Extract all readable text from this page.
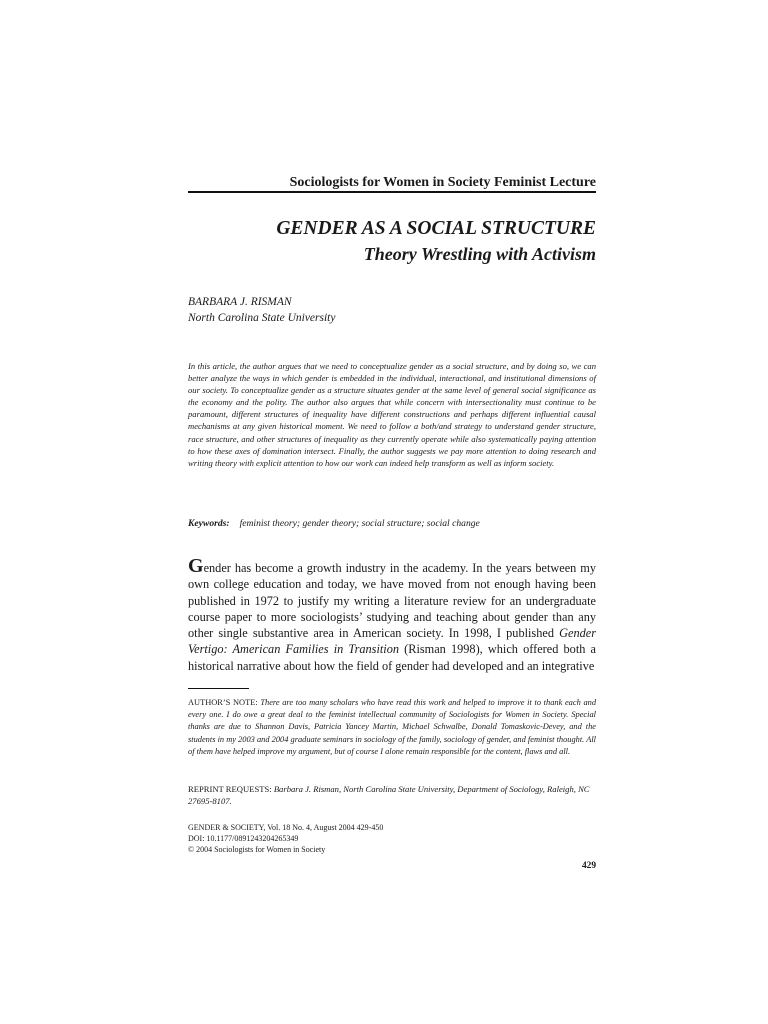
Sociologists for Women in Society Feminist Lecture
GENDER AS A SOCIAL STRUCTURE
Theory Wrestling with Activism
BARBARA J. RISMAN
North Carolina State University
In this article, the author argues that we need to conceptualize gender as a social structure, and by doing so, we can better analyze the ways in which gender is embedded in the individual, interactional, and institutional dimensions of our society. To conceptualize gender as a structure situates gender at the same level of general social significance as the economy and the polity. The author also argues that while concern with intersectionality must continue to be paramount, different structures of inequality have different constructions and perhaps different influential causal mechanisms at any given historical moment. We need to follow a both/and strategy to understand gender structure, race structure, and other structures of inequality as they currently operate while also systematically paying attention to how these axes of domination intersect. Finally, the author suggests we pay more attention to doing research and writing theory with explicit attention to how our work can indeed help transform as well as inform society.
Keywords: feminist theory; gender theory; social structure; social change
Gender has become a growth industry in the academy. In the years between my own college education and today, we have moved from not enough having been published in 1972 to justify my writing a literature review for an undergraduate course paper to more sociologists’ studying and teaching about gender than any other single substantive area in American society. In 1998, I published Gender Vertigo: American Families in Transition (Risman 1998), which offered both a historical narrative about how the field of gender had developed and an integrative
AUTHOR’S NOTE: There are too many scholars who have read this work and helped to improve it to thank each and every one. I do owe a great deal to the feminist intellectual community of Sociologists for Women in Society. Special thanks are due to Shannon Davis, Patricia Yancey Martin, Michael Schwalbe, Donald Tomaskovic-Devey, and the students in my 2003 and 2004 graduate seminars in sociology of the family, sociology of gender, and feminist thought. All of them have helped improve my argument, but of course I alone remain responsible for the content, flaws and all.
REPRINT REQUESTS: Barbara J. Risman, North Carolina State University, Department of Sociology, Raleigh, NC 27695-8107.
GENDER & SOCIETY, Vol. 18 No. 4, August 2004 429-450
DOI: 10.1177/0891243204265349
© 2004 Sociologists for Women in Society
429
